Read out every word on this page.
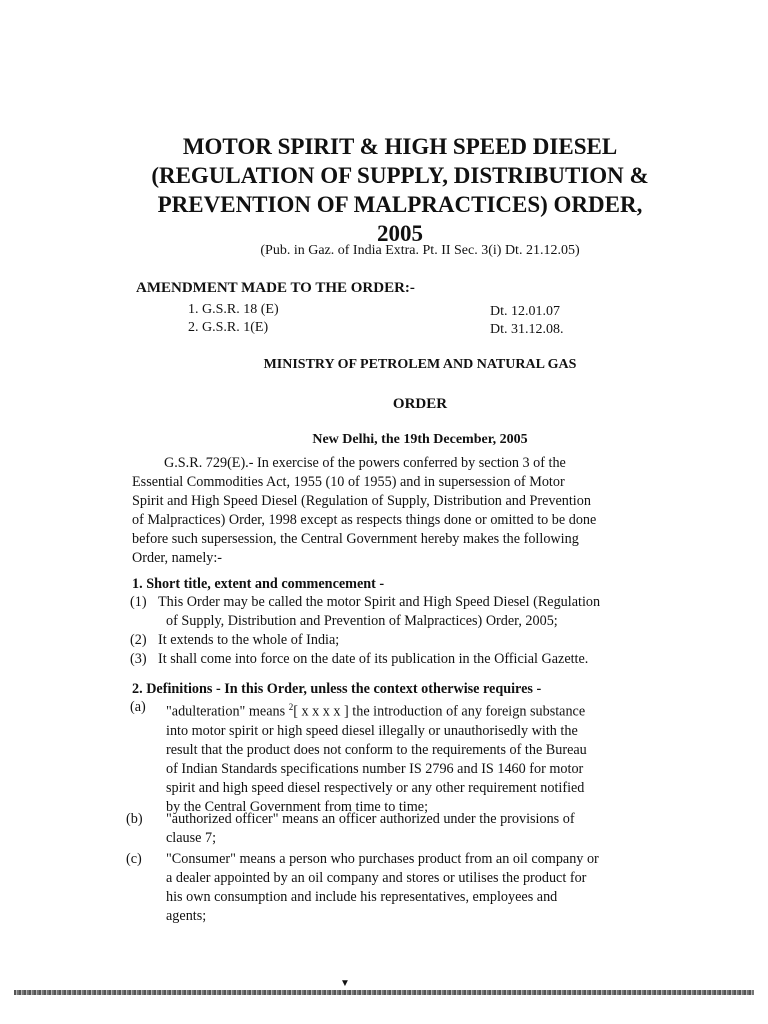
MOTOR SPIRIT & HIGH SPEED DIESEL
(REGULATION OF SUPPLY, DISTRIBUTION &
PREVENTION OF MALPRACTICES) ORDER,
2005
(Pub. in Gaz. of India Extra. Pt. II Sec. 3(i) Dt. 21.12.05)
AMENDMENT MADE TO THE ORDER:-
1. G.S.R. 18 (E)	Dt. 12.01.07
2. G.S.R. 1(E)	Dt. 31.12.08.
MINISTRY OF PETROLEM AND NATURAL GAS
ORDER
New Delhi, the 19th December, 2005
G.S.R. 729(E).- In exercise of the powers conferred by section 3 of the
Essential Commodities Act, 1955 (10 of 1955) and in supersession of Motor
Spirit and High Speed Diesel (Regulation of Supply, Distribution and Prevention
of Malpractices) Order, 1998 except as respects things done or omitted to be done
before such supersession, the Central Government hereby makes the following
Order, namely:-
1. Short title, extent and commencement -
(1) This Order may be called the motor Spirit and High Speed Diesel (Regulation
of Supply, Distribution and Prevention of Malpractices) Order, 2005;
(2) It extends to the whole of India;
(3) It shall come into force on the date of its publication in the Official Gazette.
2. Definitions - In this Order, unless the context otherwise requires -
(a) "adulteration" means $^2$[ x x x x ] the introduction of any foreign substance
into motor spirit or high speed diesel illegally or unauthorisedly with the
result that the product does not conform to the requirements of the Bureau
of Indian Standards specifications number IS 2796 and IS 1460 for motor
spirit and high speed diesel respectively or any other requirement notified
by the Central Government from time to time;
(b) "authorized officer" means an officer authorized under the provisions of
clause 7;
(c) "Consumer" means a person who purchases product from an oil company or
a dealer appointed by an oil company and stores or utilises the product for
his own consumption and include his representatives, employees and
agents;
▼
